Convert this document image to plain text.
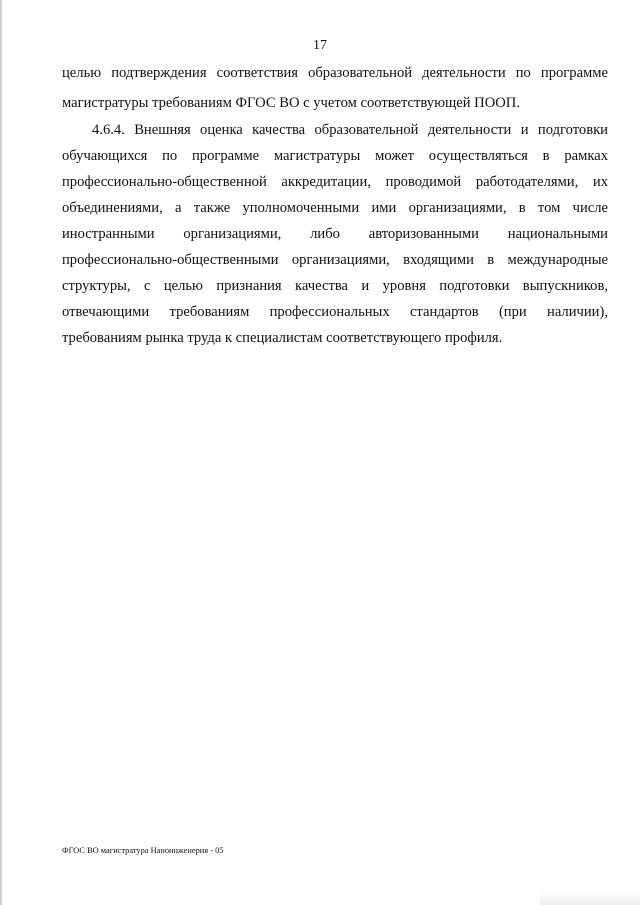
17
целью подтверждения соответствия образовательной деятельности по программе
магистратуры требованиям ФГОС ВО с учетом соответствующей ПООП.
4.6.4. Внешняя оценка качества образовательной деятельности и подготовки
обучающихся по программе магистратуры может осуществляться в рамках
профессионально-общественной аккредитации, проводимой работодателями, их
объединениями, а также уполномоченными ими организациями, в том числе
иностранными организациями, либо авторизованными национальными
профессионально-общественными организациями, входящими в международные
структуры, с целью признания качества и уровня подготовки выпускников,
отвечающими требованиям профессиональных стандартов (при наличии),
требованиям рынка труда к специалистам соответствующего профиля.
ФГОС ВО магистратура Наноинженерия - 05
